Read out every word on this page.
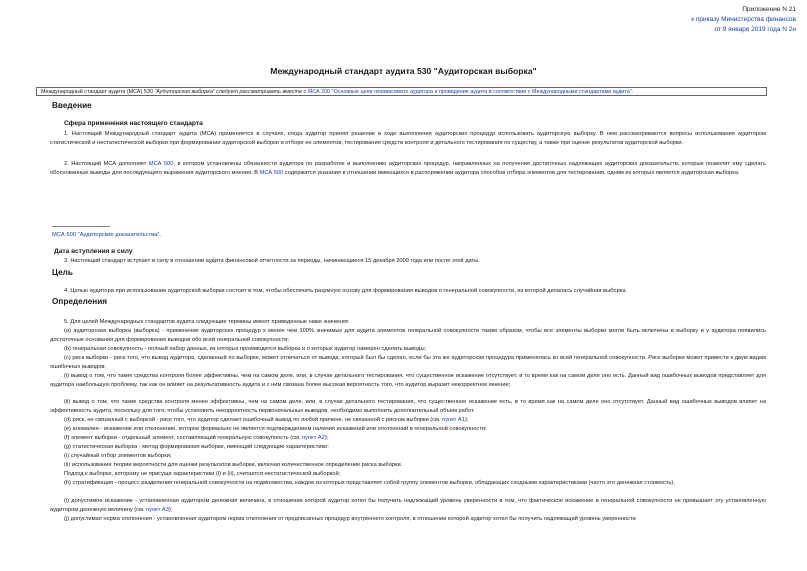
Приложение N 21
к приказу Министерства финансов
от 9 января 2019 года N 2н
Международный стандарт аудита 530 "Аудиторская выборка"
Международный стандарт аудита (МСА) 530 "Аудиторская выборка" следует рассматривать вместе с МСА 200 "Основные цели независимого аудитора и проведение аудита в соответствии с Международными стандартами аудита".
Введение
Сфера применения настоящего стандарта

1. Настоящий Международный стандарт аудита (МСА) применяется в случаях, когда аудитор принял решение в ходе выполнения аудиторских процедур использовать аудиторскую выборку. В нем рассматриваются вопросы использования аудитором статистической и нестатистической выборки при формировании аудиторской выборки и отборе ее элементов, тестирования средств контроля и детального тестирования по существу, а также при оценке результатов аудиторской выборки.

2. Настоящий МСА дополняет МСА 500, в котором установлены обязанности аудитора по разработке и выполнению аудиторских процедур, направленных на получение достаточных надлежащих аудиторских доказательств, которые позволят ему сделать обоснованные выводы для последующего выражения аудиторского мнения. В МСА 500 содержатся указания в отношении имеющихся в распоряжении аудитора способов отбора элементов для тестирования, одним из которых является аудиторская выборка.

МСА 500 "Аудиторские доказательства".
Дата вступления в силу

3. Настоящий стандарт вступает в силу в отношении аудита финансовой отчетности за периоды, начинающиеся 15 декабря 2009 года или после этой даты.

Цель

4. Целью аудитора при использовании аудиторской выборки состоит в том, чтобы обеспечить разумную основу для формирования выводов о генеральной совокупности, из которой делалась случайная выборка.

Определения

5. Для целей Международных стандартов аудита следующие термины имеют приведенные ниже значения:

(a) аудиторская выборка (выборка) - применение аудиторских процедур к менее чем 100% значимых для аудита элементов генеральной совокупности таким образом, чтобы все элементы выборки могли быть включены в выборку и у аудитора появились достаточные основания для формирования выводов обо всей генеральной совокупности;

(b) генеральная совокупность - полный набор данных, из которых производится выборка и о которых аудитор намерен сделать выводы;

(c) риск выборки - риск того, что вывод аудитора, сделанный по выборке, может отличаться от вывода, который был бы сделан, если бы эта же аудиторская процедура применялась ко всей генеральной совокупности. Риск выборки может привести к двум видам ошибочных выводов:

(i) вывод о том, что такие средства контроля более эффективны, чем на самом деле, или, в случае детального тестирования, что существенное искажение отсутствует, в то время как на самом деле оно есть. Данный вид ошибочных выводов представляет для аудитора наибольшую проблему, так как он влияет на результативность аудита и с ним связана более высокая вероятность того, что аудитор выразит некорректное мнение;

(ii) вывод о том, что такие средства контроля менее эффективны, чем на самом деле, или, в случае детального тестирования, что существенное искажение есть, в то время как на самом деле оно отсутствует. Данный вид ошибочных выводов влияет на эффективность аудита, поскольку для того, чтобы установить некорректность первоначальных выводов, необходимо выполнить дополнительный объем работ.

(d) риск, не связанный с выборкой - риск того, что аудитор сделает ошибочный вывод по любой причине, не связанной с риском выборки (см. пункт A1);

(e) аномалия - искажение или отклонение, которое формально не является подтверждением наличия искажений или отклонений в генеральной совокупности;

(f) элемент выборки - отдельный элемент, составляющий генеральную совокупность (см. пункт A2);

(g) статистическая выборка - метод формирования выборки, имеющий следующие характеристики:

(i) случайный отбор элементов выборки;

(ii) использование теории вероятности для оценки результатов выборки, включая количественное определение риска выборки.

Подход к выборке, которому не присущи характеристики (i) и (ii), считается нестатистической выборкой;

(h) стратификация - процесс разделения генеральной совокупности на подмножества, каждое из которых представляет собой группу элементов выборки, обладающих сходными характеристиками (часто это денежная стоимость);

(i) допустимое искажение - установленная аудитором денежная величина, в отношении которой аудитор хотел бы получить надлежащий уровень уверенности в том, что фактическое искажение в генеральной совокупности не превышает эту установленную аудитором денежную величину (см. пункт A3);

(j) допустимая норма отклонения - установленная аудитором норма отклонения от предписанных процедур внутреннего контроля, в отношении которой аудитор хотел бы получить надлежащий уровень уверенности
